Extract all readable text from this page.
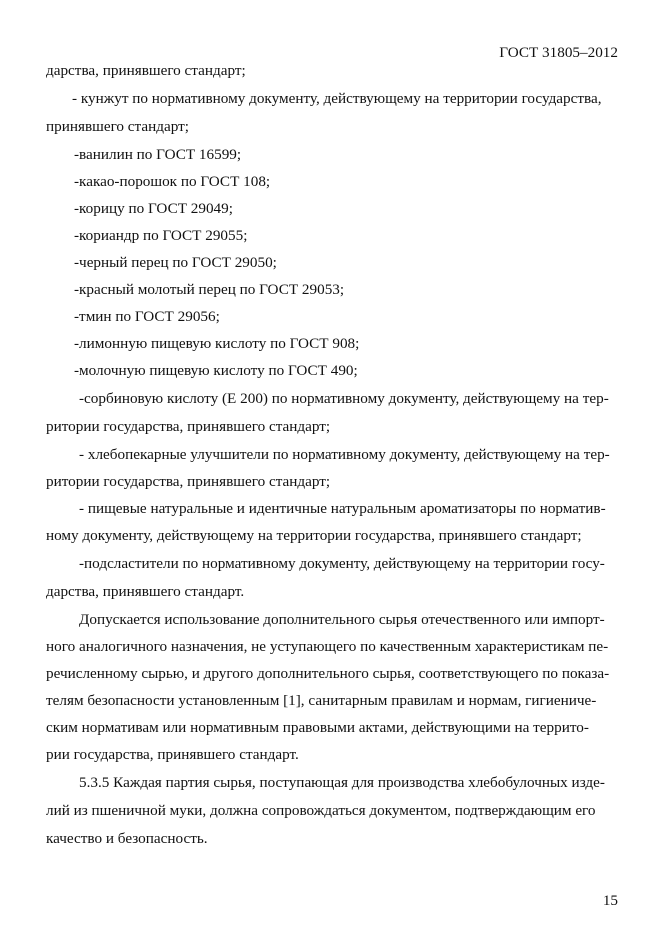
ГОСТ 31805–2012
дарства, принявшего стандарт;
- кунжут по нормативному документу, действующему на территории государства,
принявшего стандарт;
-ванилин по ГОСТ 16599;
-какао-порошок по ГОСТ 108;
-корицу по ГОСТ 29049;
-кориандр по ГОСТ 29055;
-черный перец по ГОСТ 29050;
-красный молотый перец по ГОСТ 29053;
-тмин по ГОСТ 29056;
-лимонную пищевую кислоту по ГОСТ 908;
-молочную пищевую кислоту по ГОСТ 490;
-сорбиновую кислоту (Е 200) по нормативному документу, действующему на тер-
ритории государства, принявшего стандарт;
- хлебопекарные улучшители по нормативному документу, действующему на тер-
ритории государства, принявшего стандарт;
- пищевые натуральные и идентичные натуральным ароматизаторы по норматив-
ному документу, действующему на территории государства, принявшего стандарт;
-подсластители по нормативному документу, действующему на территории госу-
дарства, принявшего стандарт.
Допускается использование дополнительного сырья отечественного или импорт-
ного аналогичного назначения, не уступающего по качественным характеристикам пе-
речисленному сырью, и другого дополнительного сырья, соответствующего по показа-
телям безопасности установленным [1], санитарным правилам и нормам, гигиениче-
ским нормативам или нормативным правовыми актами, действующими на террито-
рии государства, принявшего стандарт.
5.3.5 Каждая партия сырья, поступающая для производства хлебобулочных изде-
лий из пшеничной муки, должна сопровождаться документом, подтверждающим его
качество и безопасность.
15
